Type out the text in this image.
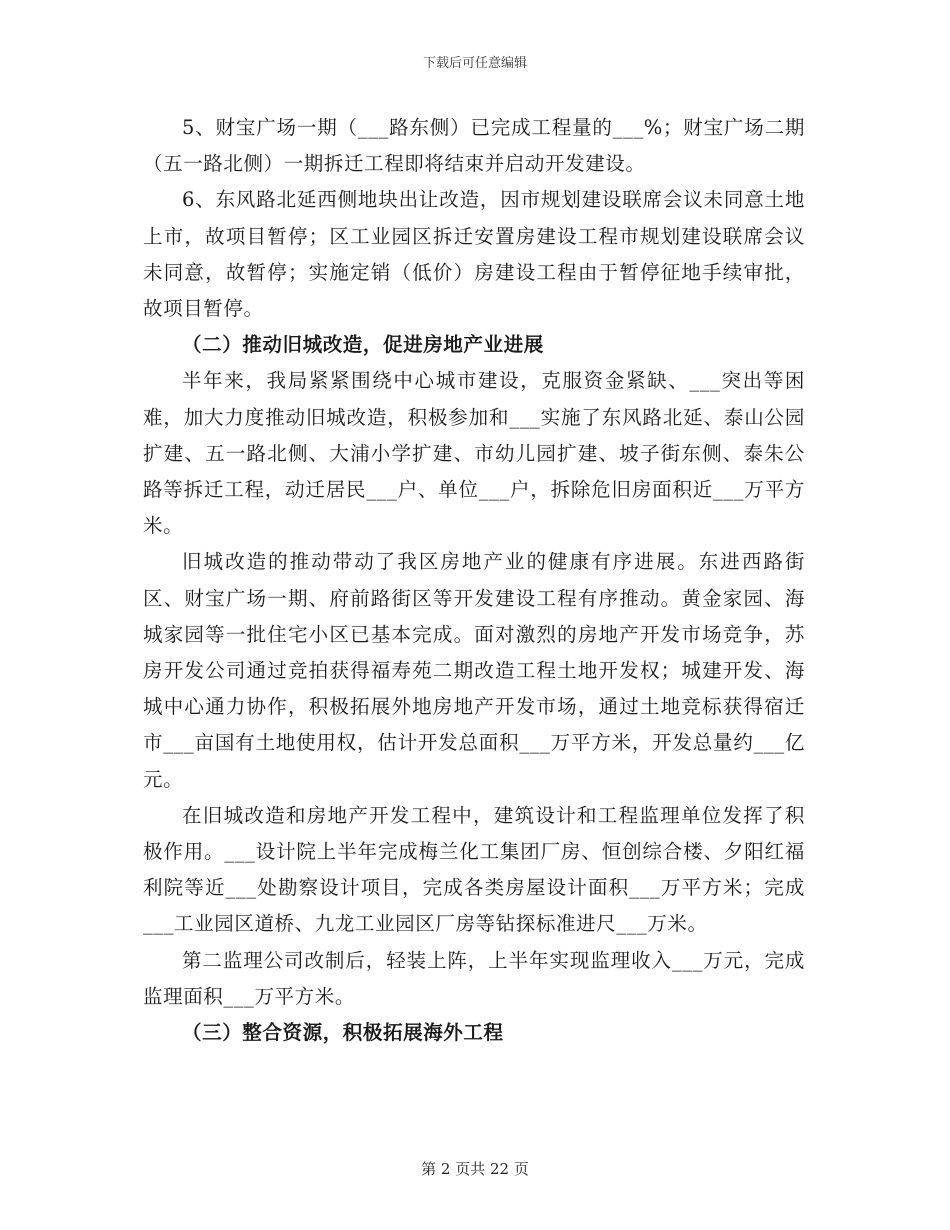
下载后可任意编辑

5、财宝广场一期（___路东侧）已完成工程量的___%；财宝广场二期（五一路北侧）一期拆迁工程即将结束并启动开发建设。

6、东风路北延西侧地块出让改造，因市规划建设联席会议未同意土地上市，故项目暂停；区工业园区拆迁安置房建设工程市规划建设联席会议未同意，故暂停；实施定销（低价）房建设工程由于暂停征地手续审批，故项目暂停。

（二）推动旧城改造，促进房地产业进展

半年来，我局紧紧围绕中心城市建设，克服资金紧缺、___突出等困难，加大力度推动旧城改造，积极参加和___实施了东风路北延、泰山公园扩建、五一路北侧、大浦小学扩建、市幼儿园扩建、坡子街东侧、泰朱公路等拆迁工程，动迁居民___户、单位___户，拆除危旧房面积近___万平方米。

旧城改造的推动带动了我区房地产业的健康有序进展。东进西路街区、财宝广场一期、府前路街区等开发建设工程有序推动。黄金家园、海城家园等一批住宅小区已基本完成。面对激烈的房地产开发市场竞争，苏房开发公司通过竞拍获得福寿苑二期改造工程土地开发权；城建开发、海城中心通力协作，积极拓展外地房地产开发市场，通过土地竞标获得宿迁市___亩国有土地使用权，估计开发总面积___万平方米，开发总量约___亿元。

在旧城改造和房地产开发工程中，建筑设计和工程监理单位发挥了积极作用。___设计院上半年完成梅兰化工集团厂房、恒创综合楼、夕阳红福利院等近___处勘察设计项目，完成各类房屋设计面积___万平方米；完成___工业园区道桥、九龙工业园区厂房等钻探标准进尺___万米。

第二监理公司改制后，轻装上阵，上半年实现监理收入___万元，完成监理面积___万平方米。

（三）整合资源，积极拓展海外工程

第 2 页共 22 页
